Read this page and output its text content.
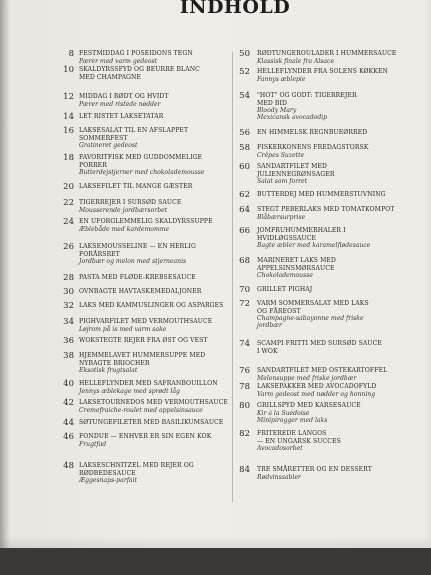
INDHOLD
8 FESTMIDDAG I POSEIDONS TEGN
Pærer med varm gedeost
10 SKALDYRSSFYD OG BEURRE BLANC
MED CHAMPAGNE
12 MIDDAG I RØDT OG HVIDT
Pærer med ristede nødder
14 LET RISTET LAKSETATAR
16 LAKSESALAT TIL EN AFSLAPPET
SOMMERFEST
Gratineret gedeost
18 FAVORITFISK MED GUDDOMMELIGE
PORRER
Butterdejstjerner med chokolademousse
20 LAKSEFILET TIL MANGE GÆSTER
22 TIGERREJER I SURSØD SAUCE
Mousserende jordbærsorbet
24 EN UFORGLEMMELIG SKALDYRSSUPPE
Æblebåde med kardemomme
26 LAKSEMOUSSELINE — EN HERLIG
FORÅRSRET
Jordbær og melon med stjernеanis
28 PASTA MED FLØDE-KREBSESAUCE
30 OVNBAGTE HAVTASKEMEDALJONER
32 LAKS MED KAMMUSLINGER OG ASPARGES
34 PIGHVARFILET MED VERMOUTHSAUCE
Løjrom på is med varm sake
36 WOKSTEGTE REJER FRA ØST OG VEST
38 HJEMMELAVET HUMMERSUPPE MED
NYBAGTE BRIOCHER
Eksotisk frugtsalat
40 HELLEFLYNDER MED SAFRANBOUILLON
Jennys æblekage med sprødt låg
42 LAKSETOURNEDOS MED VERMOUTHSAUCE
Cremefraiche-roulet med appelsinsauce
44 SØTUNGEFILETER MED BASILIKUMSAUCE
46 FONDUE — ENHVER ER SIN EGEN KOK
Frugtfad
48 LAKSESCHNITZEL MED REJER OG
RØDBEDESAUCE
Æggesnaps-parfait
50 RØDTUNGEROULADER I HUMMERSAUCE
Klassisk finale fra Alsace
52 HELLEFLYNDER FRA SOLENS KØKKEN
Fannys æblepie
54 "HOT" OG GODT: TIGERREJER
MED BID
Bloody Mary
Mexicansk avocadodip
56 EN HIMMELSK REGNBUEØRRED
58 FISKERKONENS FREDAGSTORSK
Crêpes Suzette
60 SANDARTFILET MED
JULIENNEGRØNSAGER
Salat som forret
62 BUTTERDEJ MED HUMMERSTUVNING
64 STEGT PEBERLAKS MED TOMATKOMPOT
Blåbærsurprise
66 JOMFRUHUMMERHALER I
HVIDLØGSSAUCE
Bagte æbler med karamelflødesauce
68 MARINERET LAKS MED
APPELSINSMØRSAUCE
Chokolademousse
70 GRILLET PIGHAJ
72 VARM SOMMERSALAT MED LAKS
OG FÅREOST
Champagne-sabayonne med friske
jordbær
74 SCAMPI FRITTI MED SURSØD SAUCE
I WOK
76 SANDARTFILET MED OSTEKARTOFFEL
Melonsuppe med friske jordbær
78 LAKSEPAKKER MED AVOCADOFYLD
Varm gedeost med nødder og honning
80 GRILLSPYD MED KARSESAUCE
Kir à la Suédoise
Minipirogger med laks
82 FRITEREDE LANGOS
— EN UNGARSK SUCCES
Avocadosorbet
84 TRE SMÅRETTER OG EN DESSERT
Rødvinssabler
